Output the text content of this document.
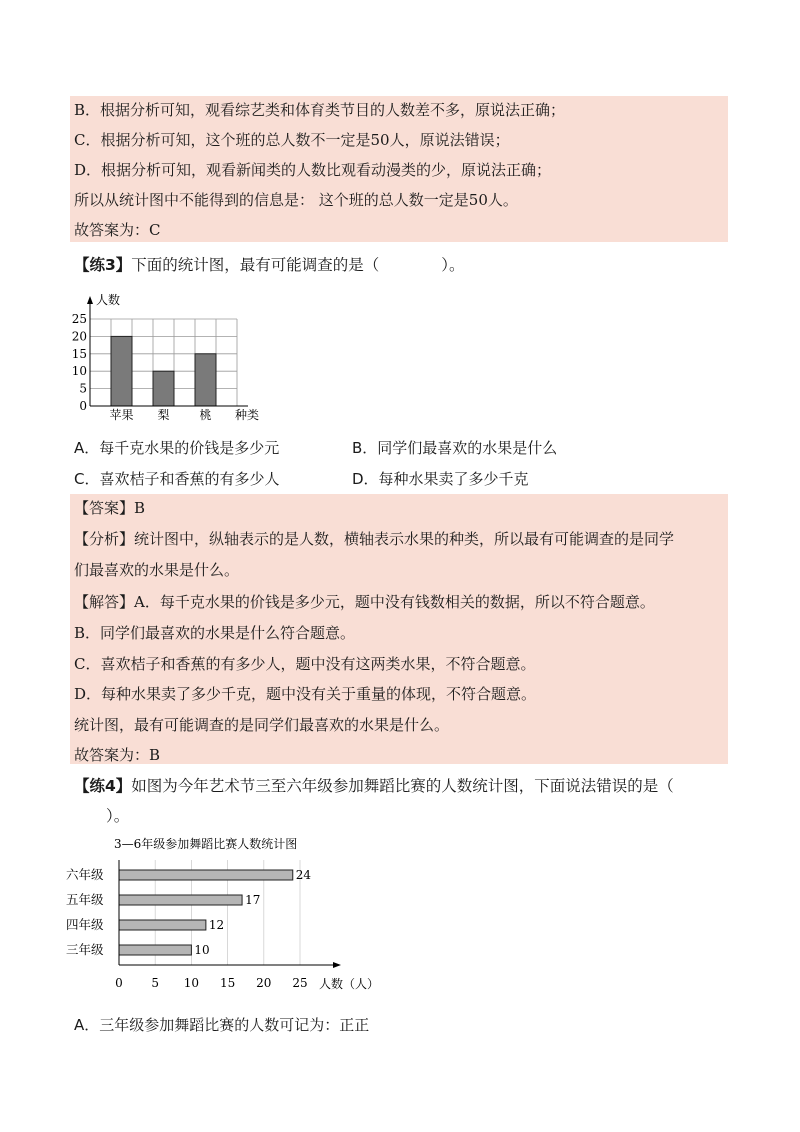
B．根据分析可知，观看综艺类和体育类节目的人数差不多，原说法正确；
C．根据分析可知，这个班的总人数不一定是50人，原说法错误；
D．根据分析可知，观看新闻类的人数比观看动漫类的少，原说法正确；
所以从统计图中不能得到的信息是： 这个班的总人数一定是50人。
故答案为：C
【练3】下面的统计图，最有可能调查的是（　　　　）。
0
5
10
15
20
25
苹果 梨 桃
人数
种类
A．每千克水果的价钱是多少元	B．同学们最喜欢的水果是什么
C．喜欢桔子和香蕉的有多少人	D．每种水果卖了多少千克
【答案】B
【分析】统计图中，纵轴表示的是人数，横轴表示水果的种类，所以最有可能调查的是同学
们最喜欢的水果是什么。
【解答】A．每千克水果的价钱是多少元，题中没有钱数相关的数据，所以不符合题意。
B．同学们最喜欢的水果是什么符合题意。
C．喜欢桔子和香蕉的有多少人，题中没有这两类水果，不符合题意。
D．每种水果卖了多少千克，题中没有关于重量的体现，不符合题意。
统计图，最有可能调查的是同学们最喜欢的水果是什么。
故答案为：B
【练4】如图为今年艺术节三至六年级参加舞蹈比赛的人数统计图，下面说法错误的是（
）。
3—6年级参加舞蹈比赛人数统计图
六年级
五年级
四年级
三年级
24
17
12
10
0 5 10 15 20 25 人数（人）
A．三年级参加舞蹈比赛的人数可记为：正正
